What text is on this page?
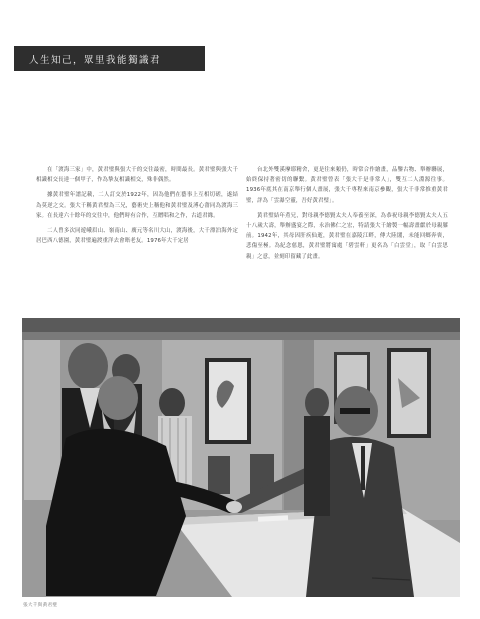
人生知己，眾里我能獨識君

在「渡海三家」中，黃君璧與張大千的交往最密，時間最長。黃君璧與張大千相識相交長達一個甲子，作為摯友相識相交，殊非偶然。

據黃君璧年譜記載，二人訂交於1922年，因為他們在藝事上互相切磋，遂結為莫逆之交。張大千稱黃君璧為三兄，藝術史上稱他和黃君璧及溥心畬同為渡海三家。在長達六十餘年的交往中，他們時有合作，互贈唱和之作，古道君緣。

二人曾多次同遊峨眉山、嶺南山、廣元等名川大山，渡海後，大千漂泊海外定居巴西八德園，黃君璧遍渡重洋去會晤老友。1976年大千定居

台北外雙溪摩耶精舍，更是往來頻仍，時常合作繪畫，品鑒古物、舉辦聯展，始終保持著密切的聯繫。黃君璧曾表「張大千是非常人」，雙互二人淵源往事。1936年底其在南京舉行個人畫展，張大千專程來南京參觀，張大千非常推重黃君璧，評為「雲瀑空靈，吾好黃君璧」。

黃君璧結年煮兄，對母親李德賢太夫人奉養至深，為恭祝母親李德賢太夫人五十八歲大壽，舉辦盛宴之際，永治佛仁之宏，特請張大千繪製一幅壽畫獻於母親膝前。1942年，其母因肝疾仙逝，黃君璧在嘉陵江畔，傳大陸閣，未能回鄉奔喪，悲傷至極。為紀念慈恩，黃君璧將寓處「碧雲軒」更名為「白雲堂」，取「白雲思親」之意，並刻印留藏了此畫。

張大千與黃君璧
